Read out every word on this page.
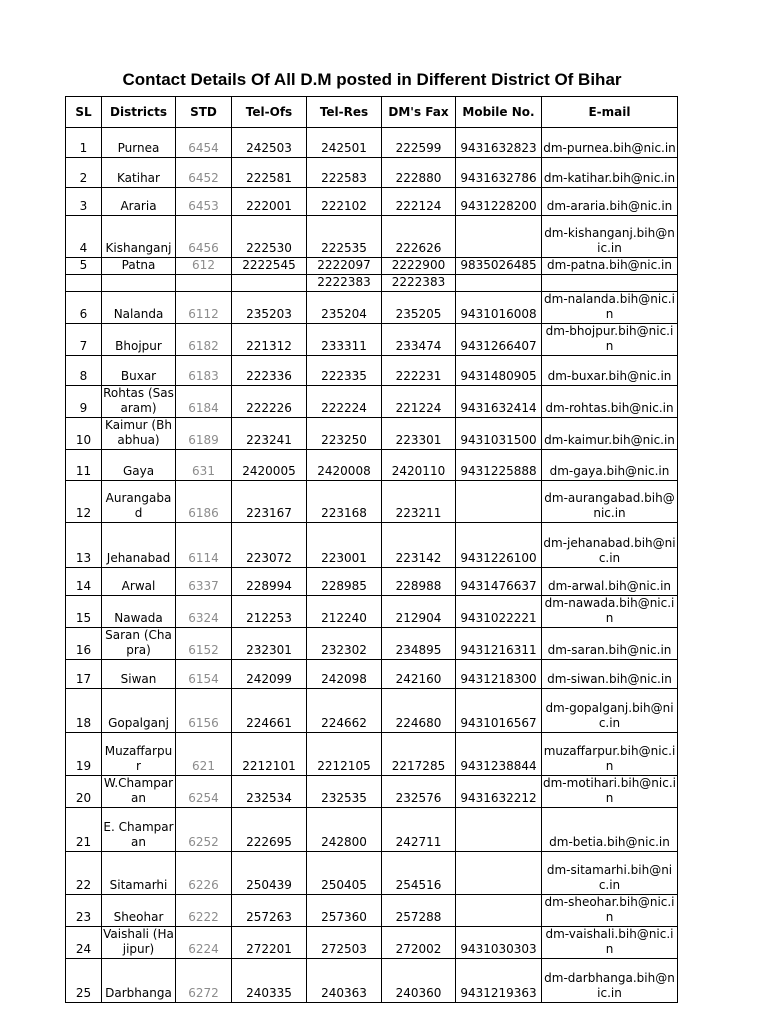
Contact Details Of All D.M posted in Different District Of Bihar
SL	Districts	STD	Tel-Ofs	Tel-Res	DM's Fax	Mobile No.	E-mail
1	Purnea	6454	242503	242501	222599	9431632823	dm-purnea.bih@nic.in
2	Katihar	6452	222581	222583	222880	9431632786	dm-katihar.bih@nic.in
3	Araria	6453	222001	222102	222124	9431228200	dm-araria.bih@nic.in
4	Kishanganj	6456	222530	222535	222626		dm-kishanganj.bih@nic.in
5	Patna	612	2222545	2222097	2222900	9835026485	dm-patna.bih@nic.in
				2222383	2222383		
6	Nalanda	6112	235203	235204	235205	9431016008	dm-nalanda.bih@nic.in
7	Bhojpur	6182	221312	233311	233474	9431266407	dm-bhojpur.bih@nic.in
8	Buxar	6183	222336	222335	222231	9431480905	dm-buxar.bih@nic.in
9	Rohtas (Sasaram)	6184	222226	222224	221224	9431632414	dm-rohtas.bih@nic.in
10	Kaimur (Bhabhua)	6189	223241	223250	223301	9431031500	dm-kaimur.bih@nic.in
11	Gaya	631	2420005	2420008	2420110	9431225888	dm-gaya.bih@nic.in
12	Aurangabad	6186	223167	223168	223211		dm-aurangabad.bih@nic.in
13	Jehanabad	6114	223072	223001	223142	9431226100	dm-jehanabad.bih@nic.in
14	Arwal	6337	228994	228985	228988	9431476637	dm-arwal.bih@nic.in
15	Nawada	6324	212253	212240	212904	9431022221	dm-nawada.bih@nic.in
16	Saran (Chapra)	6152	232301	232302	234895	9431216311	dm-saran.bih@nic.in
17	Siwan	6154	242099	242098	242160	9431218300	dm-siwan.bih@nic.in
18	Gopalganj	6156	224661	224662	224680	9431016567	dm-gopalganj.bih@nic.in
19	Muzaffarpur	621	2212101	2212105	2217285	9431238844	muzaffarpur.bih@nic.in
20	W.Champaran	6254	232534	232535	232576	9431632212	dm-motihari.bih@nic.in
21	E. Champaran	6252	222695	242800	242711		dm-betia.bih@nic.in
22	Sitamarhi	6226	250439	250405	254516		dm-sitamarhi.bih@nic.in
23	Sheohar	6222	257263	257360	257288		dm-sheohar.bih@nic.in
24	Vaishali (Hajipur)	6224	272201	272503	272002	9431030303	dm-vaishali.bih@nic.in
25	Darbhanga	6272	240335	240363	240360	9431219363	dm-darbhanga.bih@nic.in
